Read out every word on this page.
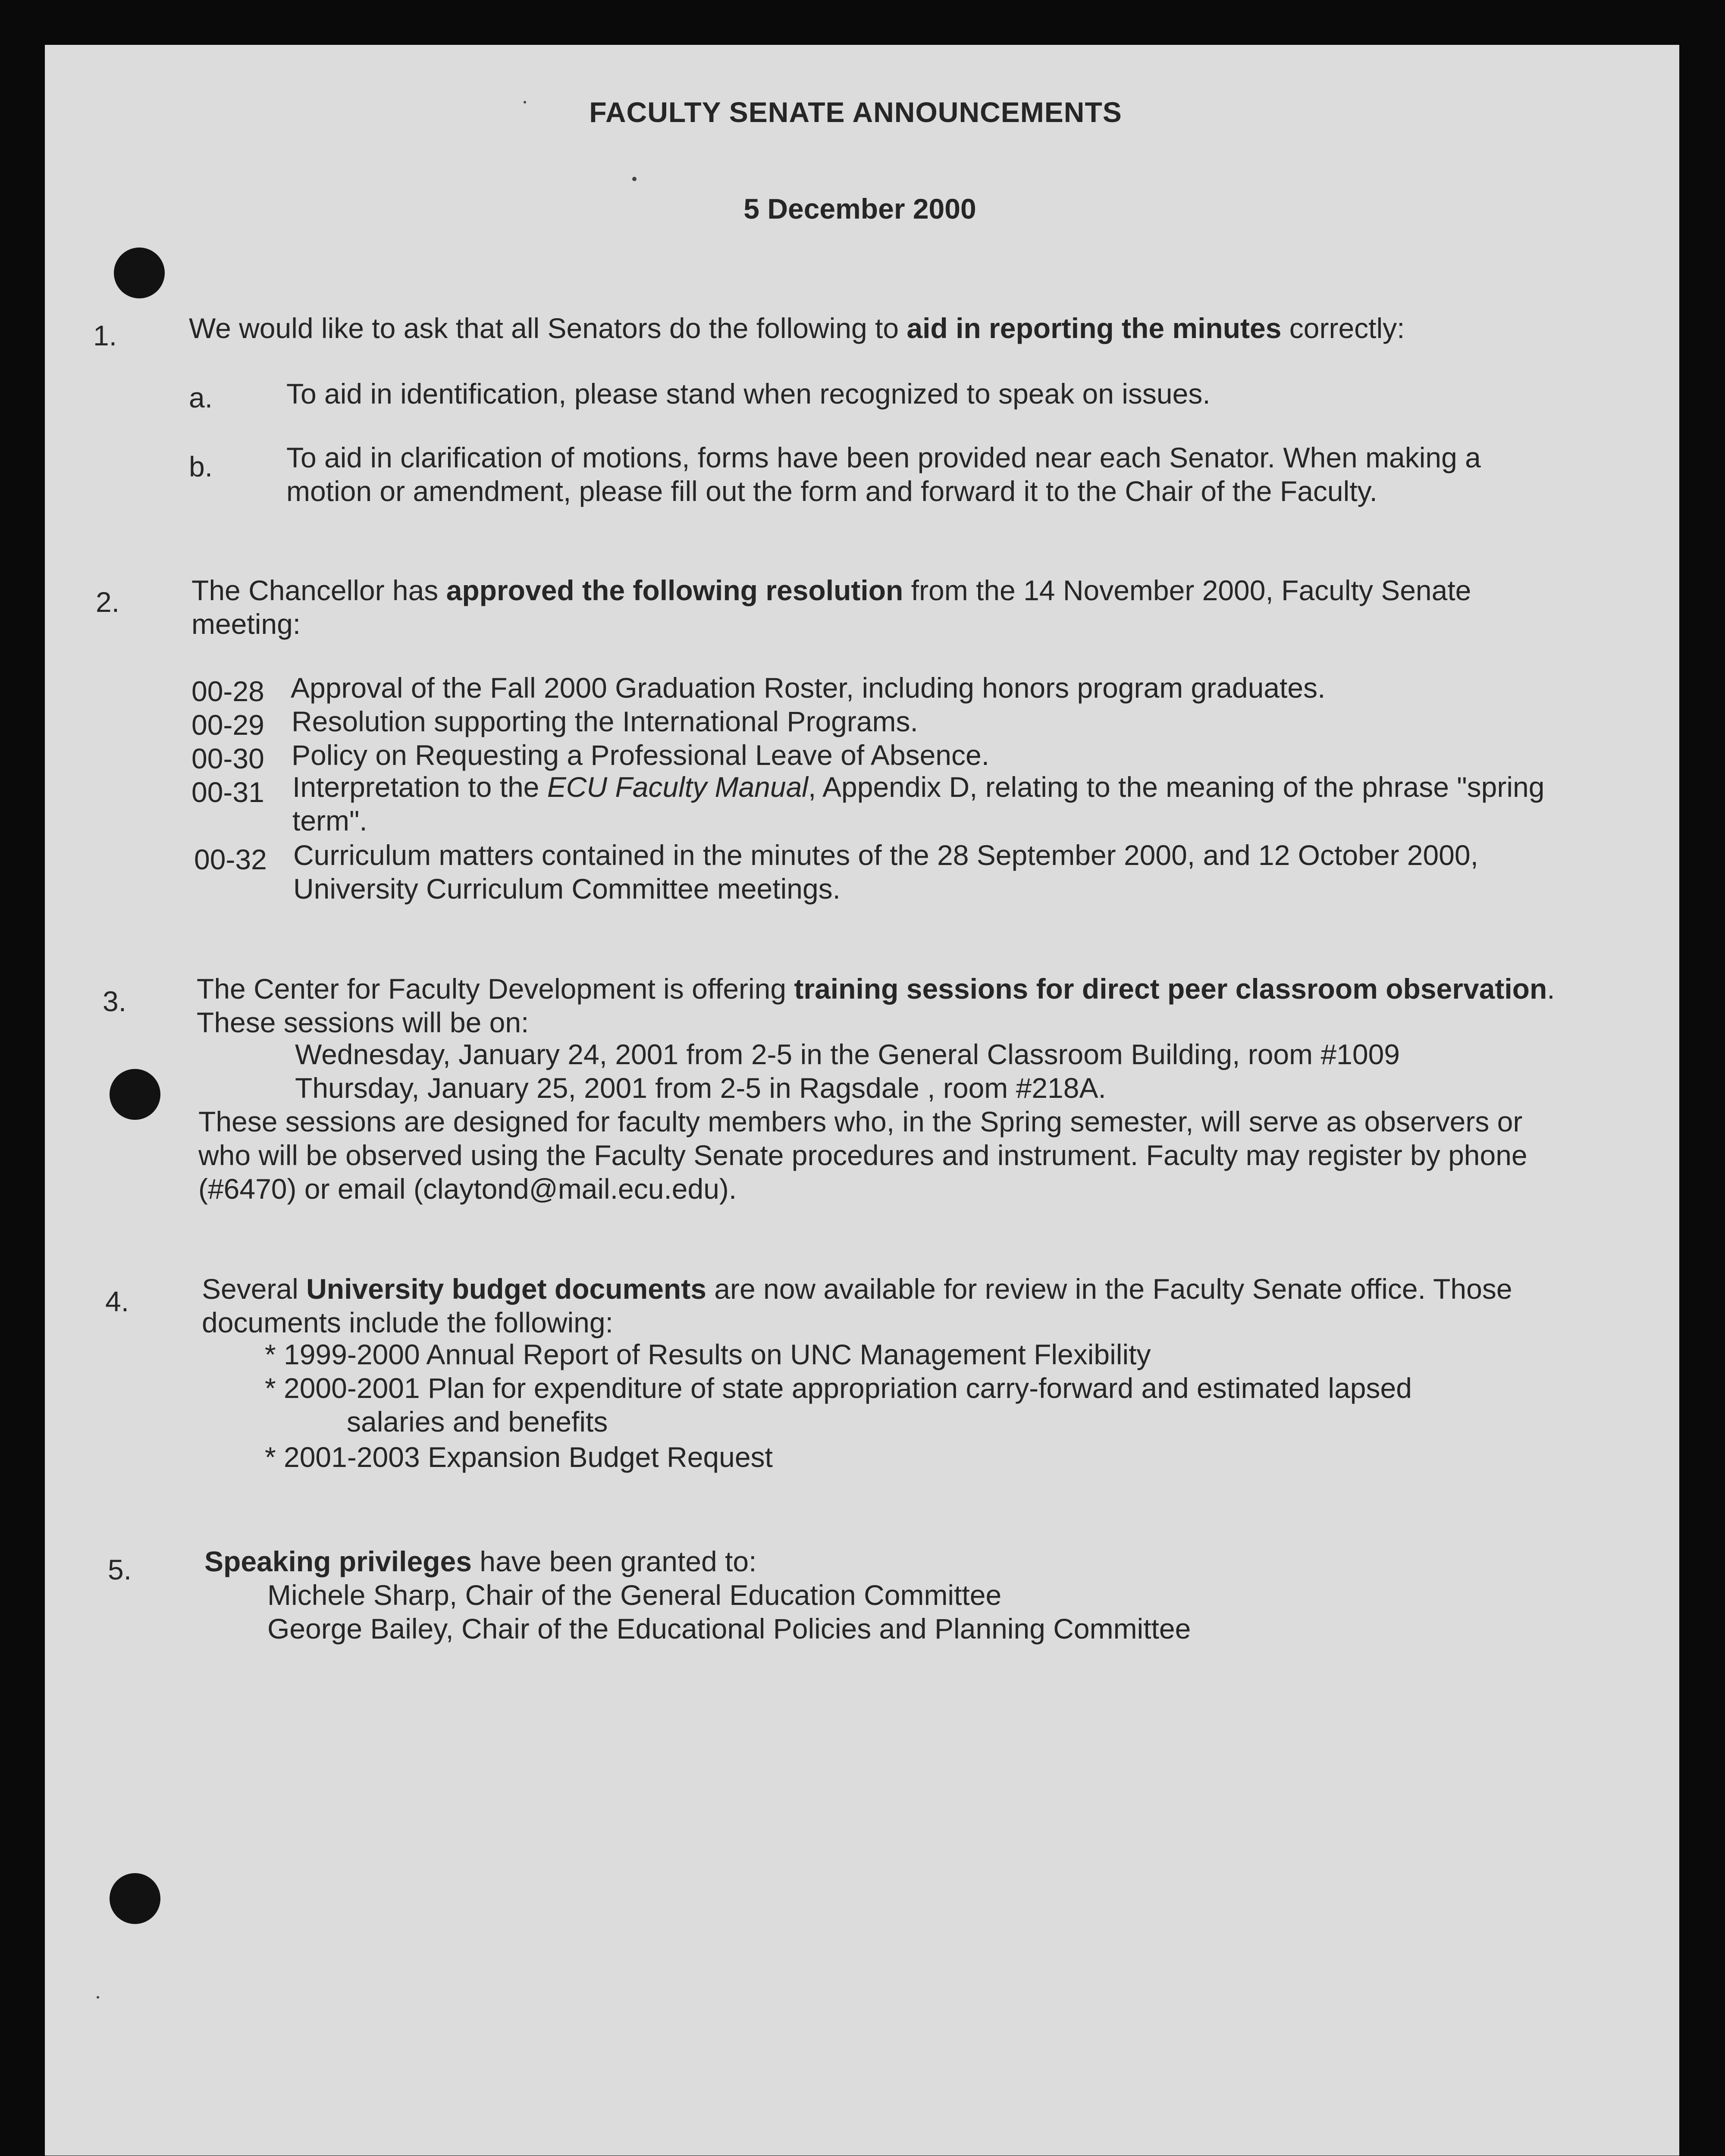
FACULTY SENATE ANNOUNCEMENTS
5 December 2000
1.	We would like to ask that all Senators do the following to aid in reporting the minutes correctly:
a.	To aid in identification, please stand when recognized to speak on issues.
b.	To aid in clarification of motions, forms have been provided near each Senator. When making a
motion or amendment, please fill out the form and forward it to the Chair of the Faculty.
2.	The Chancellor has approved the following resolution from the 14 November 2000, Faculty Senate
meeting:
00-28 Approval of the Fall 2000 Graduation Roster, including honors program graduates.
00-29 Resolution supporting the International Programs.
00-30 Policy on Requesting a Professional Leave of Absence.
00-31 Interpretation to the ECU Faculty Manual, Appendix D, relating to the meaning of the phrase "spring
term".
00-32 Curriculum matters contained in the minutes of the 28 September 2000, and 12 October 2000,
University Curriculum Committee meetings.
3. The Center for Faculty Development is offering training sessions for direct peer classroom observation.
These sessions will be on:
Wednesday, January 24, 2001 from 2-5 in the General Classroom Building, room #1009
Thursday, January 25, 2001 from 2-5 in Ragsdale , room #218A.
These sessions are designed for faculty members who, in the Spring semester, will serve as observers or
who will be observed using the Faculty Senate procedures and instrument. Faculty may register by phone
(#6470) or email (claytond@mail.ecu.edu).
4.	Several University budget documents are now available for review in the Faculty Senate office. Those
documents include the following:
* 1999-2000 Annual Report of Results on UNC Management Flexibility
* 2000-2001 Plan for expenditure of state appropriation carry-forward and estimated lapsed
salaries and benefits
* 2001-2003 Expansion Budget Request
5.	Speaking privileges have been granted to:
Michele Sharp, Chair of the General Education Committee
George Bailey, Chair of the Educational Policies and Planning Committee
